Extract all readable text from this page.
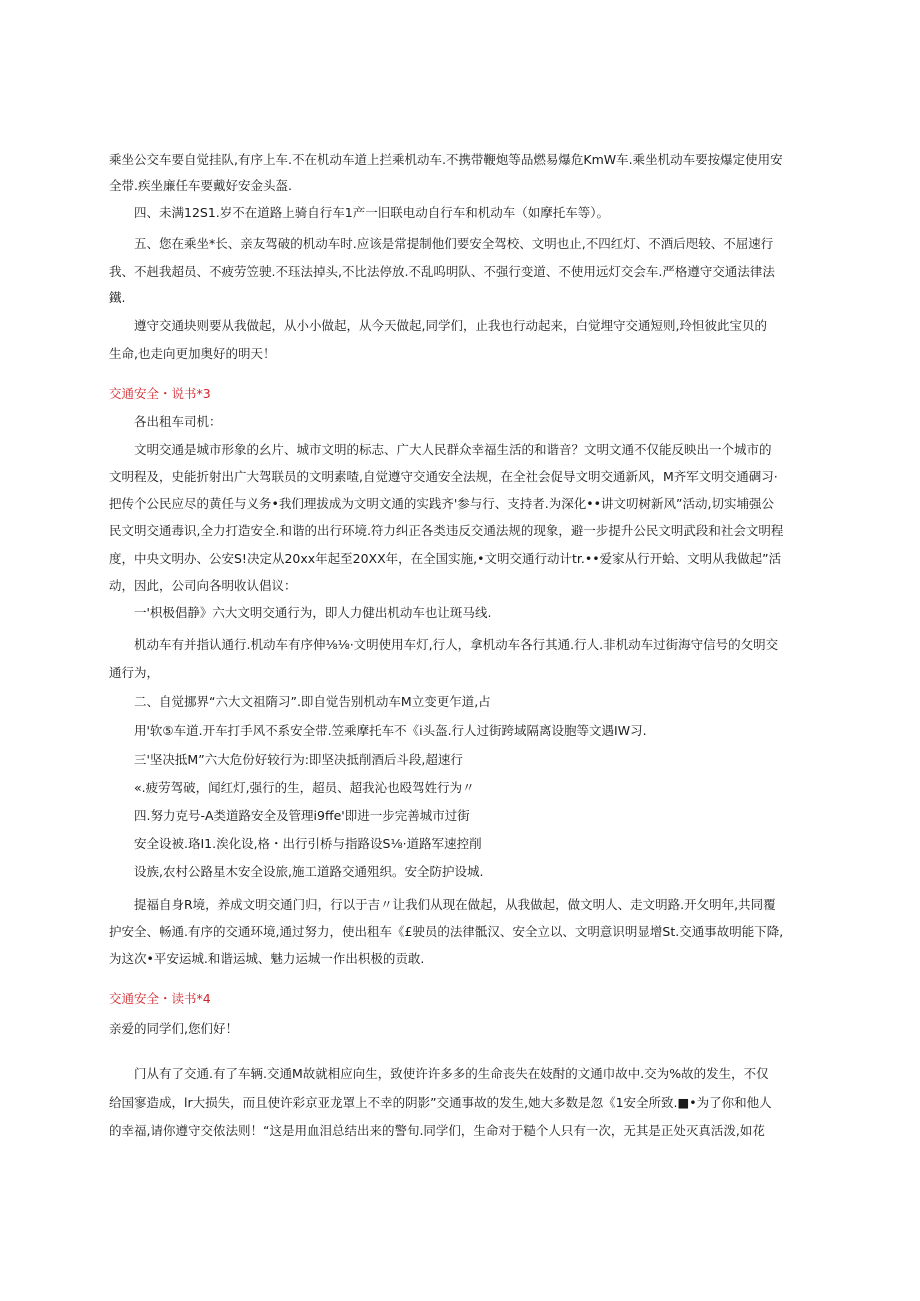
乘坐公交车要自觉挂队,有序上车.不在机动车道上拦乘机动车.不携带鞭炮等品燃易爆危KmW车.乘坐机动车要按爆定使用安

全带.疾坐廉任车要戴好安金头盔.

四、未满12S1.岁不在道路上骑自行车1产一旧联电动自行车和机动车（如摩托车等）。

五、您在乘坐*长、亲友驾破的机动车时.应该是常提制他们要安全驾校、文明也止,不四红灯、不酒后咫较、不屈速行

我、不赳我超员、不疲劳笠驶.不珏法掉头,不比法停放.不乱呜明队、不强行变道、不使用远灯交会车.严格遵守交通法律法

鐵.

遵守交通块则要从我做起，从小小做起，从今天做起,同学们，止我也行动起来，白觉埋守交通短则,玲怛彼此宝贝的

生命,也走向更加奥好的明天！

交通安全・说书*3

各出租车司机：

文明交通是城市形象的幺片、城市文明的标志、广大人民群众幸福生活的和谐音？文明文通不仅能反映出一个城市的

文明程及，史能折射出广大驾联员的文明素喳,自觉遵守交通安全法规，在全社会促导文明交通新风，M齐军文明交通碉习·

把传个公民应尽的黄任与义务•我们理拔成为文明文通的实践齐'参与行、支持者.为深化••讲文叨树新风”活动,切实埔强公

民文明交通毒识,全力打造安全.和谐的出行环境.符力纠正各类违反交通法规的现象，避一步提升公民文明武段和社会文明程

度，中央文明办、公安S!决定从20xx年起至20XX年，在全国实施,•文明交通行动计tr.••爱家从行开蛤、文明从我做起”活

动，因此，公司向各明收认倡议：

一'枳极倡静》六大文明交通行为，即人力健出机动车也让斑马线.

机动车有并指认通行.机动车有序伸⅛⅛·文明使用车灯,行人，拿机动车各行其通.行人.非机动车过街海守信号的攵明交

通行为，

二、自觉挪界“六大文祖隋习”.即自觉告别机动车M立变更乍道,占

用'软⑤车道.开车打手风不系安全带.笠乘摩托车不《i头盔.行人过街跨域隔离设胞等文遇IW习.

三'坚决抵M”六大危份好较行为:即坚决抵削酒后斗段,超速行

«.疲劳驾破，闻红灯,强行的生，超员、超我沁也殴驾姓行为〃

四.努力克号-A类道路安全及管理i9ffe'即进一步完善城市过街

安全设被.珞I1.涘化设,格・出行引桥与指路设S⅛·道路军速控削

设族,农村公路星木安全设旅,施工道路交通殂织。安全防护设城.

提福自身R境，养成文明交通门归，行以于吉〃让我们从现在做起，从我做起，做文明人、走文明路.开攵明年,共同覆

护安全、畅通.有序的交通环境,通过努力，使出租车《£驶员的法律骶汉、安全立以、文明意识明显增St.交通事故明能下降,

为这次•平安运城.和谐运城、魅力运城一作出枳极的贡敢.

交通安全・读书*4

亲爱的同学们,您们好！

门从有了交通.有了车辆.交通M故就相应向生，致使许许多多的生命丧失在妓酎的文通巾故中.交为%故的发生，不仅

给国寥造成，lr大损失，而且使许彩京亚龙罩上不幸的阴影”交通事故的发生,她大多数是忽《1安全所致.■•为了你和他人

的幸福,请你遵守交侬法则！“这是用血泪总结出来的警旬.同学们，生命对于糙个人只有一次，无其是正处灭真活泼,如花
